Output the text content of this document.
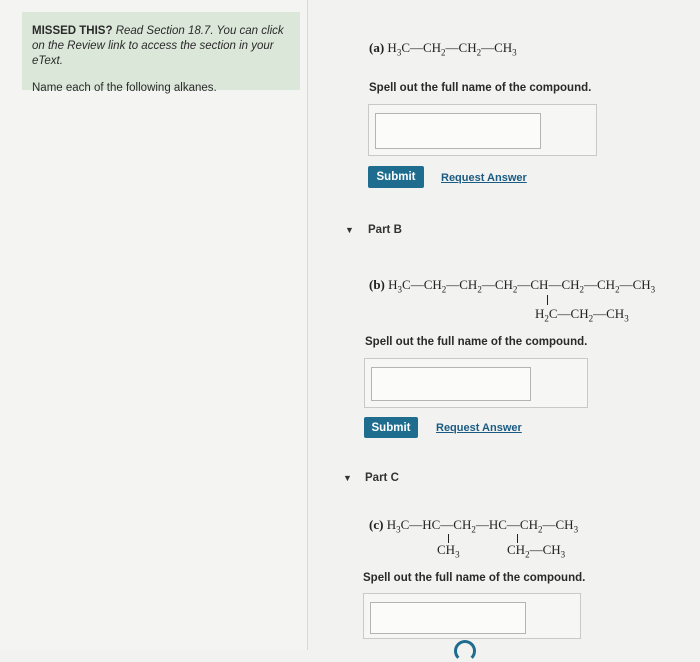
MISSED THIS? Read Section 18.7. You can click on the Review link to access the section in your eText.
Name each of the following alkanes.
(a) $H_3C—CH_2—CH_2—CH_3$
Spell out the full name of the compound.
Submit	Request Answer
▼ Part B
(b) $H_3C—CH_2—CH_2—CH_2—CH—CH_2—CH_2—CH_3$
$H_2C—CH_2—CH_3$
Spell out the full name of the compound.
Submit	Request Answer
▼ Part C
(c) $H_3C—HC—CH_2—HC—CH_2—CH_3$
$CH_3$	$CH_2—CH_3$
Spell out the full name of the compound.
